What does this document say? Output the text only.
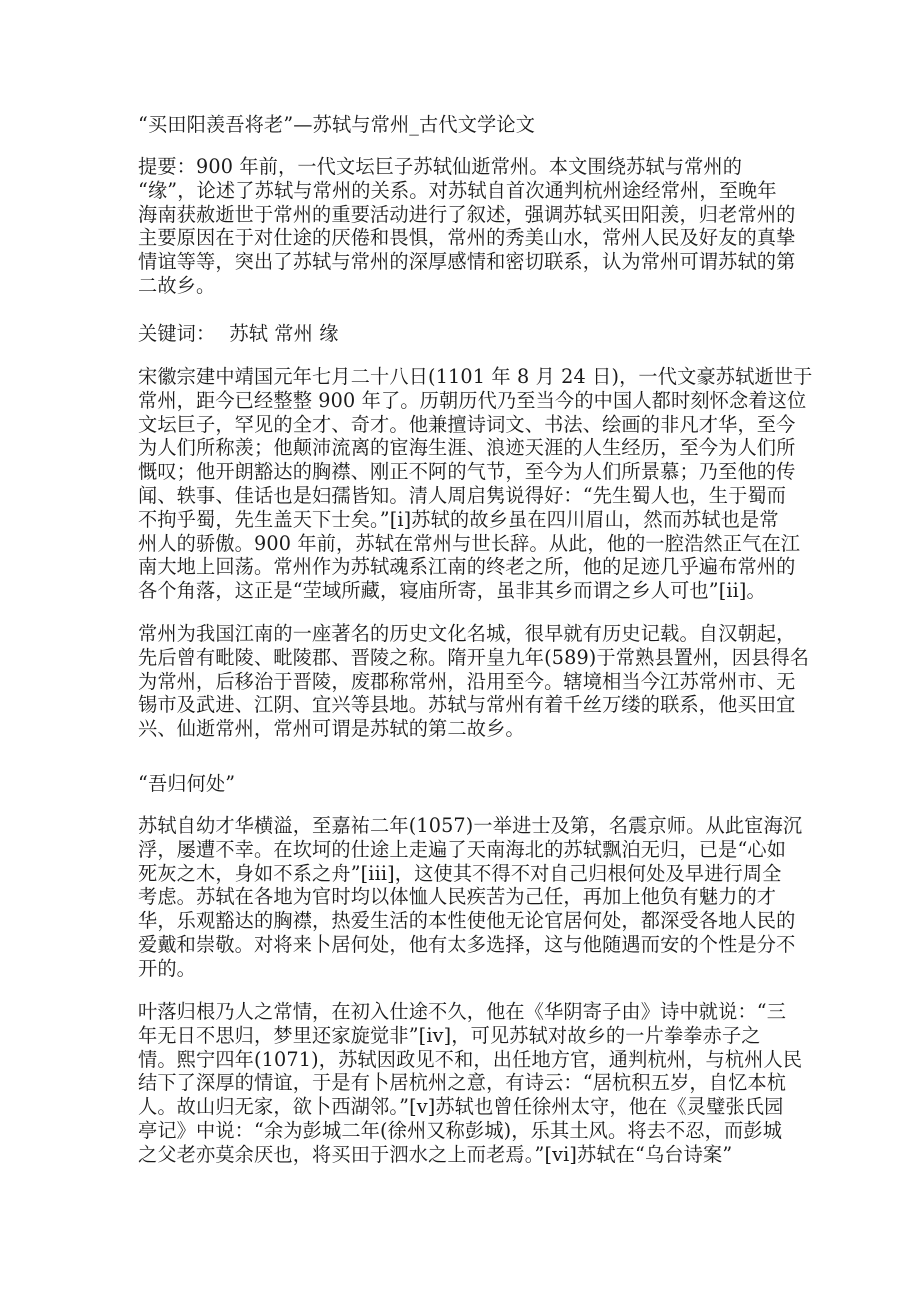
“买田阳羡吾将老”—苏轼与常州_古代文学论文

提要：900 年前，一代文坛巨子苏轼仙逝常州。本文围绕苏轼与常州的
“缘”，论述了苏轼与常州的关系。对苏轼自首次通判杭州途经常州，至晚年
海南获赦逝世于常州的重要活动进行了叙述，强调苏轼买田阳羡，归老常州的
主要原因在于对仕途的厌倦和畏惧，常州的秀美山水，常州人民及好友的真挚
情谊等等，突出了苏轼与常州的深厚感情和密切联系，认为常州可谓苏轼的第
二故乡。

关键词： 苏轼 常州 缘

宋徽宗建中靖国元年七月二十八日(1101 年 8 月 24 日)，一代文豪苏轼逝世于
常州，距今已经整整 900 年了。历朝历代乃至当今的中国人都时刻怀念着这位
文坛巨子，罕见的全才、奇才。他兼擅诗词文、书法、绘画的非凡才华，至今
为人们所称羡；他颠沛流离的宦海生涯、浪迹天涯的人生经历，至今为人们所
慨叹；他开朗豁达的胸襟、刚正不阿的气节，至今为人们所景慕；乃至他的传
闻、轶事、佳话也是妇孺皆知。清人周启隽说得好：“先生蜀人也，生于蜀而
不拘乎蜀，先生盖天下士矣。”[i]苏轼的故乡虽在四川眉山，然而苏轼也是常
州人的骄傲。900 年前，苏轼在常州与世长辞。从此，他的一腔浩然正气在江
南大地上回荡。常州作为苏轼魂系江南的终老之所，他的足迹几乎遍布常州的
各个角落，这正是“茔域所藏，寝庙所寄，虽非其乡而谓之乡人可也”[ii]。

常州为我国江南的一座著名的历史文化名城，很早就有历史记载。自汉朝起，
先后曾有毗陵、毗陵郡、晋陵之称。隋开皇九年(589)于常熟县置州，因县得名
为常州，后移治于晋陵，废郡称常州，沿用至今。辖境相当今江苏常州市、无
锡市及武进、江阴、宜兴等县地。苏轼与常州有着千丝万缕的联系，他买田宜
兴、仙逝常州，常州可谓是苏轼的第二故乡。

“吾归何处”

苏轼自幼才华横溢，至嘉祐二年(1057)一举进士及第，名震京师。从此宦海沉
浮，屡遭不幸。在坎坷的仕途上走遍了天南海北的苏轼飘泊无归，已是“心如
死灰之木，身如不系之舟”[iii]，这使其不得不对自己归根何处及早进行周全
考虑。苏轼在各地为官时均以体恤人民疾苦为己任，再加上他负有魅力的才
华，乐观豁达的胸襟，热爱生活的本性使他无论官居何处，都深受各地人民的
爱戴和崇敬。对将来卜居何处，他有太多选择，这与他随遇而安的个性是分不
开的。

叶落归根乃人之常情，在初入仕途不久，他在《华阴寄子由》诗中就说：“三
年无日不思归，梦里还家旋觉非”[iv]，可见苏轼对故乡的一片拳拳赤子之
情。熙宁四年(1071)，苏轼因政见不和，出任地方官，通判杭州，与杭州人民
结下了深厚的情谊，于是有卜居杭州之意，有诗云：“居杭积五岁，自忆本杭
人。故山归无家，欲卜西湖邻。”[v]苏轼也曾任徐州太守，他在《灵璧张氏园
亭记》中说：“余为彭城二年(徐州又称彭城)，乐其土风。将去不忍，而彭城
之父老亦莫余厌也，将买田于泗水之上而老焉。”[vi]苏轼在“乌台诗案”
